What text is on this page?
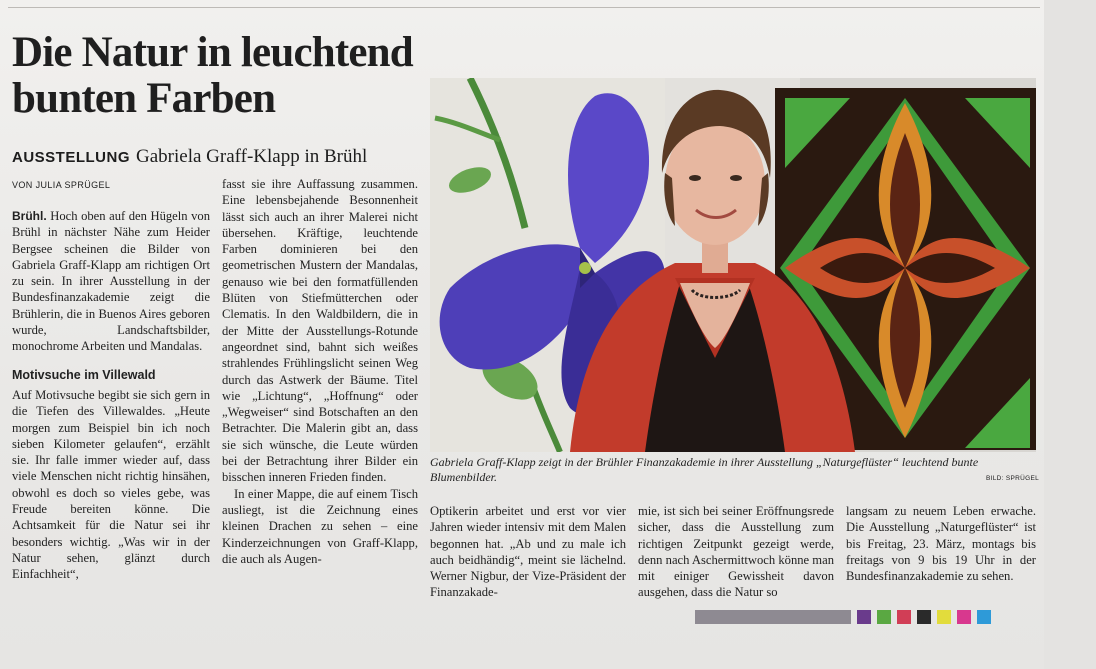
Die Natur in leuchtend bunten Farben
AUSSTELLUNG Gabriela Graff-Klapp in Brühl
VON JULIA SPRÜGEL

Brühl. Hoch oben auf den Hügeln von Brühl in nächster Nähe zum Heider Bergsee scheinen die Bilder von Gabriela Graff-Klapp am richtigen Ort zu sein. In ihrer Ausstellung in der Bundesfinanzakademie zeigt die Brühlerin, die in Buenos Aires geboren wurde, Landschaftsbilder, monochrome Arbeiten und Mandalas.

Motivsuche im Villewald

Auf Motivsuche begibt sie sich gern in die Tiefen des Villewaldes. „Heute morgen zum Beispiel bin ich noch sieben Kilometer gelaufen“, erzählt sie. Ihr falle immer wieder auf, dass viele Menschen nicht richtig hinsähen, obwohl es doch so vieles gebe, was Freude bereiten könne. Die Achtsamkeit für die Natur sei ihr besonders wichtig. „Was wir in der Natur sehen, glänzt durch Einfachheit“,

fasst sie ihre Auffassung zusammen. Eine lebensbejahende Besonnenheit lässt sich auch an ihrer Malerei nicht übersehen. Kräftige, leuchtende Farben dominieren bei den geometrischen Mustern der Mandalas, genauso wie bei den formatfüllenden Blüten von Stiefmütterchen oder Clematis. In den Waldbildern, die in der Mitte der Ausstellungs-Rotunde angeordnet sind, bahnt sich weißes strahlendes Frühlingslicht seinen Weg durch das Astwerk der Bäume. Titel wie „Lichtung“, „Hoffnung“ oder „Wegweiser“ sind Botschaften an den Betrachter. Die Malerin gibt an, dass sie sich wünsche, die Leute würden bei der Betrachtung ihrer Bilder ein bisschen inneren Frieden finden.

In einer Mappe, die auf einem Tisch ausliegt, ist die Zeichnung eines kleinen Drachen zu sehen – eine Kinderzeichnungen von Graff-Klapp, die auch als Augen-

Gabriela Graff-Klapp zeigt in der Brühler Finanzakademie in ihrer Ausstellung „Naturgeflüster“ leuchtend bunte Blumenbilder.	BILD: SPRÜGEL

Optikerin arbeitet und erst vor vier Jahren wieder intensiv mit dem Malen begonnen hat. „Ab und zu male ich auch beidhändig“, meint sie lächelnd. Werner Nigbur, der Vize-Präsident der Finanzakade-

mie, ist sich bei seiner Eröffnungsrede sicher, dass die Ausstellung zum richtigen Zeitpunkt gezeigt werde, denn nach Aschermittwoch könne man mit einiger Gewissheit davon ausgehen, dass die Natur so

langsam zu neuem Leben erwache. Die Ausstellung „Naturgeflüster“ ist bis Freitag, 23. März, montags bis freitags von 9 bis 19 Uhr in der Bundesfinanzakademie zu sehen.
